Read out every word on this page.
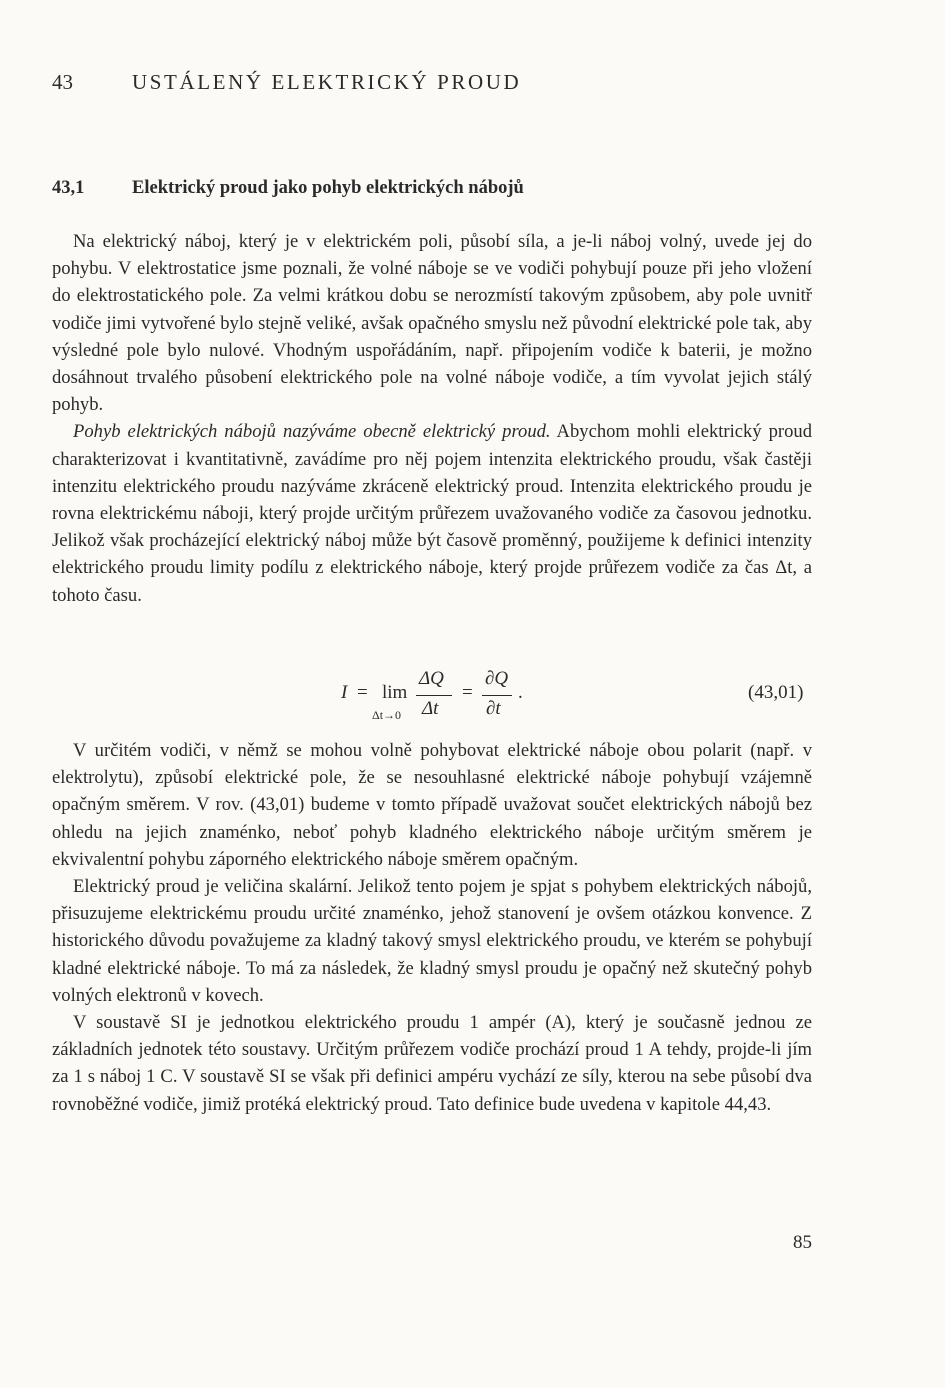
43	USTÁLENÝ ELEKTRICKÝ PROUD
43,1	Elektrický proud jako pohyb elektrických nábojů

Na elektrický náboj, který je v elektrickém poli, působí síla, a je-li náboj volný, uvede jej do pohybu. V elektrostatice jsme poznali, že volné náboje se ve vodiči pohybují pouze při jeho vložení do elektrostatického pole. Za velmi krátkou dobu se nerozmístí takovým způsobem, aby pole uvnitř vodiče jimi vytvořené bylo stejně veliké, avšak opačného smyslu než původní elektrické pole tak, aby výsledné pole bylo nulové. Vhodným uspořádáním, např. připojením vodiče k baterii, je možno dosáhnout trvalého působení elektrického pole na volné náboje vodiče, a tím vyvolat jejich stálý pohyb.

Pohyb elektrických nábojů nazýváme obecně elektrický proud. Abychom mohli elektrický proud charakterizovat i kvantitativně, zavádíme pro něj pojem intenzita elektrického proudu, však častěji intenzitu elektrického proudu nazýváme zkráceně elektrický proud. Intenzita elektrického proudu je rovna elektrickému náboji, který projde určitým průřezem uvažovaného vodiče za časovou jednotku. Jelikož však procházející elektrický náboj může být časově proměnný, použijeme k definici intenzity elektrického proudu limity podílu z elektrického náboje, který projde průřezem vodiče za čas Δt, a tohoto času.

I = lim
Δt→0
ΔQ
Δt
=
∂Q
∂t
.	(43,01)

V určitém vodiči, v němž se mohou volně pohybovat elektrické náboje obou polarit (např. v elektrolytu), způsobí elektrické pole, že se nesouhlasné elektrické náboje pohybují vzájemně opačným směrem. V rov. (43,01) budeme v tomto případě uvažovat součet elektrických nábojů bez ohledu na jejich znaménko, neboť pohyb kladného elektrického náboje určitým směrem je ekvivalentní pohybu záporného elektrického náboje směrem opačným.

Elektrický proud je veličina skalární. Jelikož tento pojem je spjat s pohybem elektrických nábojů, přisuzujeme elektrickému proudu určité znaménko, jehož stanovení je ovšem otázkou konvence. Z historického důvodu považujeme za kladný takový smysl elektrického proudu, ve kterém se pohybují kladné elektrické náboje. To má za následek, že kladný smysl proudu je opačný než skutečný pohyb volných elektronů v kovech.

V soustavě SI je jednotkou elektrického proudu 1 ampér (A), který je současně jednou ze základních jednotek této soustavy. Určitým průřezem vodiče prochází proud 1 A tehdy, projde-li jím za 1 s náboj 1 C. V soustavě SI se však při definici ampéru vychází ze síly, kterou na sebe působí dva rovnoběžné vodiče, jimiž protéká elektrický proud. Tato definice bude uvedena v kapitole 44,43.

85
